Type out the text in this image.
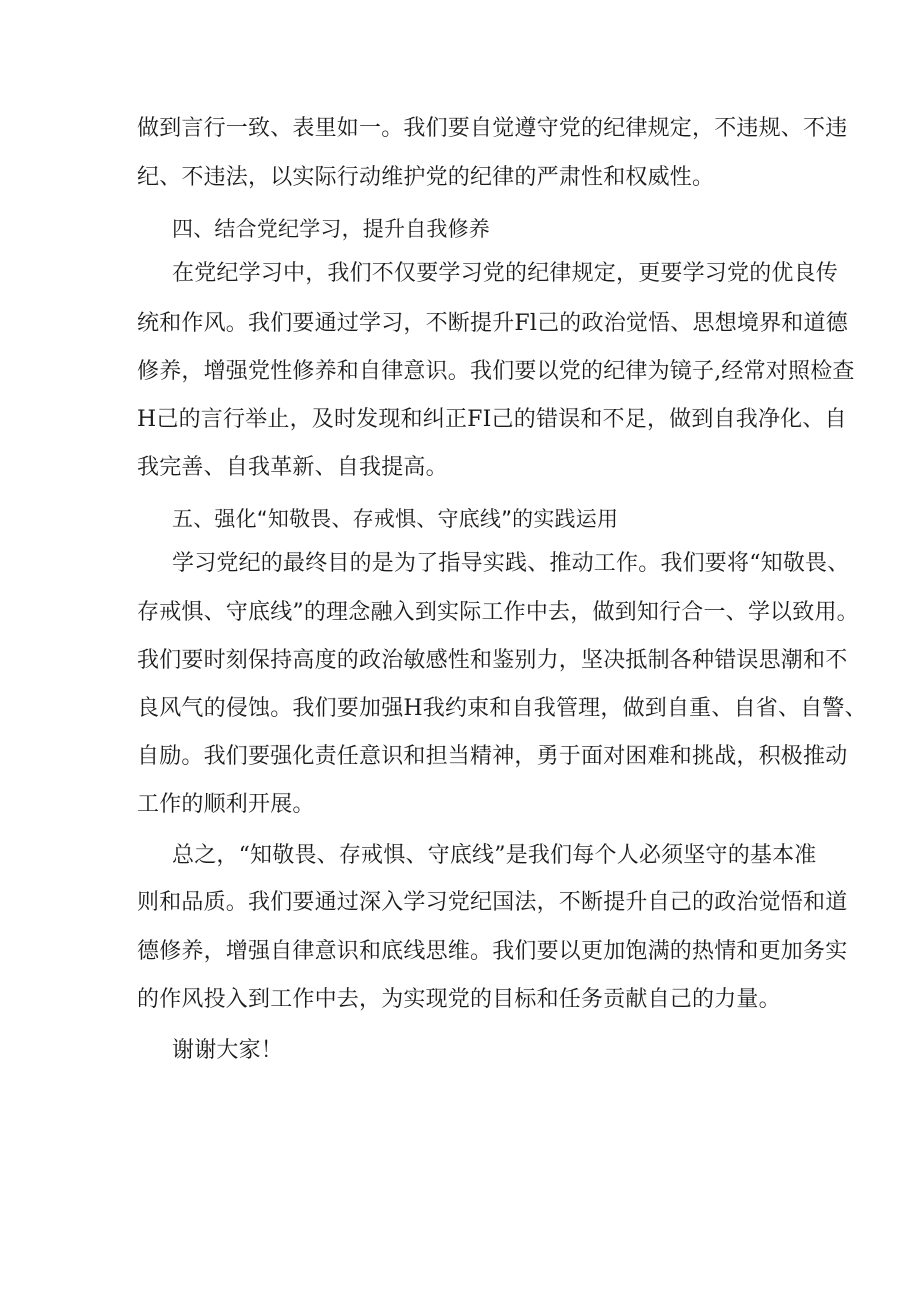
做到言行一致、表里如一。我们要自觉遵守党的纪律规定，不违规、不违
纪、不违法，以实际行动维护党的纪律的严肃性和权威性。
四、结合党纪学习，提升自我修养
在党纪学习中，我们不仅要学习党的纪律规定，更要学习党的优良传
统和作风。我们要通过学习，不断提升Fl己的政治觉悟、思想境界和道德
修养，增强党性修养和自律意识。我们要以党的纪律为镜子,经常对照检查
H己的言行举止，及时发现和纠正FI己的错误和不足，做到自我净化、自
我完善、自我革新、自我提高。
五、强化“知敬畏、存戒惧、守底线”的实践运用
学习党纪的最终目的是为了指导实践、推动工作。我们要将“知敬畏、
存戒惧、守底线”的理念融入到实际工作中去，做到知行合一、学以致用。
我们要时刻保持高度的政治敏感性和鉴别力，坚决抵制各种错误思潮和不
良风气的侵蚀。我们要加强H我约束和自我管理，做到自重、自省、自警、
自励。我们要强化责任意识和担当精神，勇于面对困难和挑战，积极推动
工作的顺利开展。
总之，“知敬畏、存戒惧、守底线”是我们每个人必须坚守的基本准
则和品质。我们要通过深入学习党纪国法，不断提升自己的政治觉悟和道
德修养，增强自律意识和底线思维。我们要以更加饱满的热情和更加务实
的作风投入到工作中去，为实现党的目标和任务贡献自己的力量。
谢谢大家！
